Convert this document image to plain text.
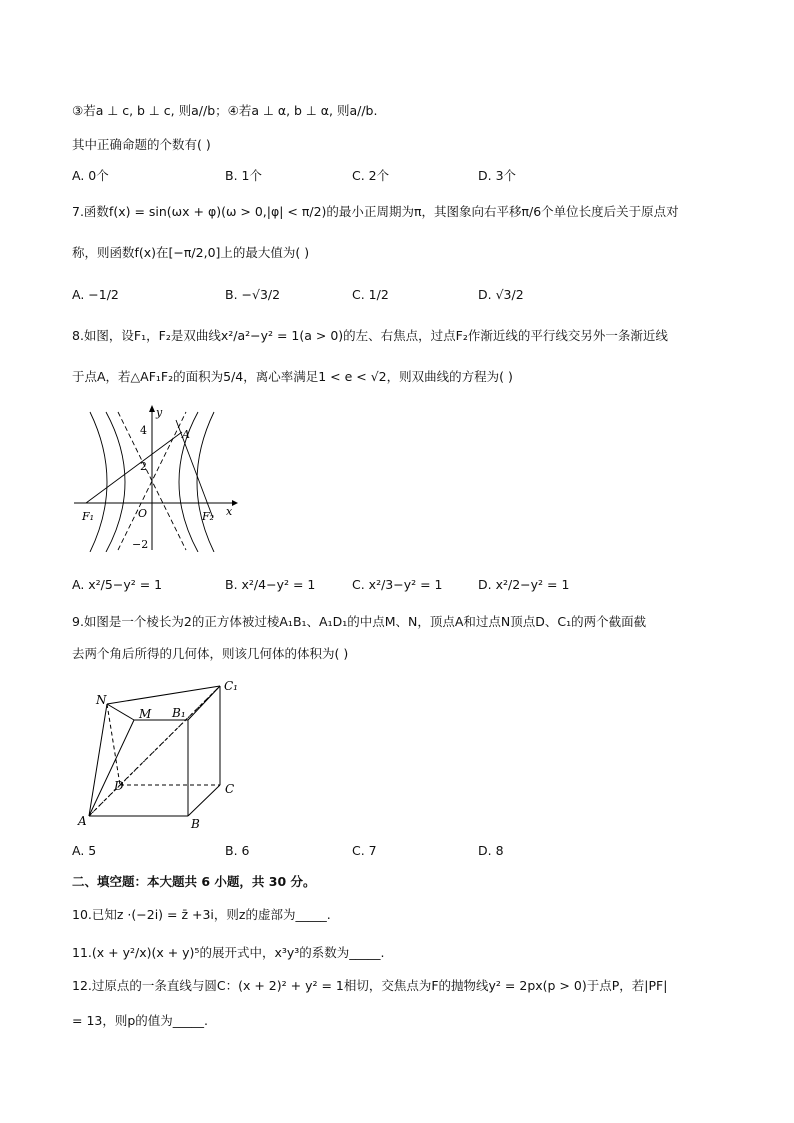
③若a ⊥ c, b ⊥ c, 则a//b；④若a ⊥ α, b ⊥ α, 则a//b.
其中正确命题的个数有( )
A. 0个	B. 1个	C. 2个	D. 3个
7.函数f(x) = sin(ωx + φ)(ω > 0,|φ| < π/2)的最小正周期为π，其图象向右平移π/6个单位长度后关于原点对
称，则函数f(x)在[−π/2,0]上的最大值为( )
A. −1/2	B. −√3/2	C. 1/2	D. √3/2
8.如图，设F₁，F₂是双曲线x²/a²−y² = 1(a > 0)的左、右焦点，过点F₂作渐近线的平行线交另外一条渐近线
于点A，若△AF₁F₂的面积为5/4，离心率满足1 < e < √2，则双曲线的方程为( )
y
x
4
2
−2
A
O
F₁	F₂
A. x²/5−y² = 1	B. x²/4−y² = 1	C. x²/3−y² = 1	D. x²/2−y² = 1
9.如图是一个棱长为2的正方体被过棱A₁B₁、A₁D₁的中点M、N，顶点A和过点N顶点D、C₁的两个截面截
去两个角后所得的几何体，则该几何体的体积为( )
N
M B₁
C₁
D	C
A	B
A. 5	B. 6	C. 7	D. 8
二、填空题：本大题共 6 小题，共 30 分。
10.已知z ·(−2i) = z̄ +3i，则z的虚部为_____.
11.(x + y²/x)(x + y)⁵的展开式中，x³y³的系数为_____.
12.过原点的一条直线与圆C：(x + 2)² + y² = 1相切，交焦点为F的抛物线y² = 2px(p > 0)于点P，若|PF|
= 13，则p的值为_____.
